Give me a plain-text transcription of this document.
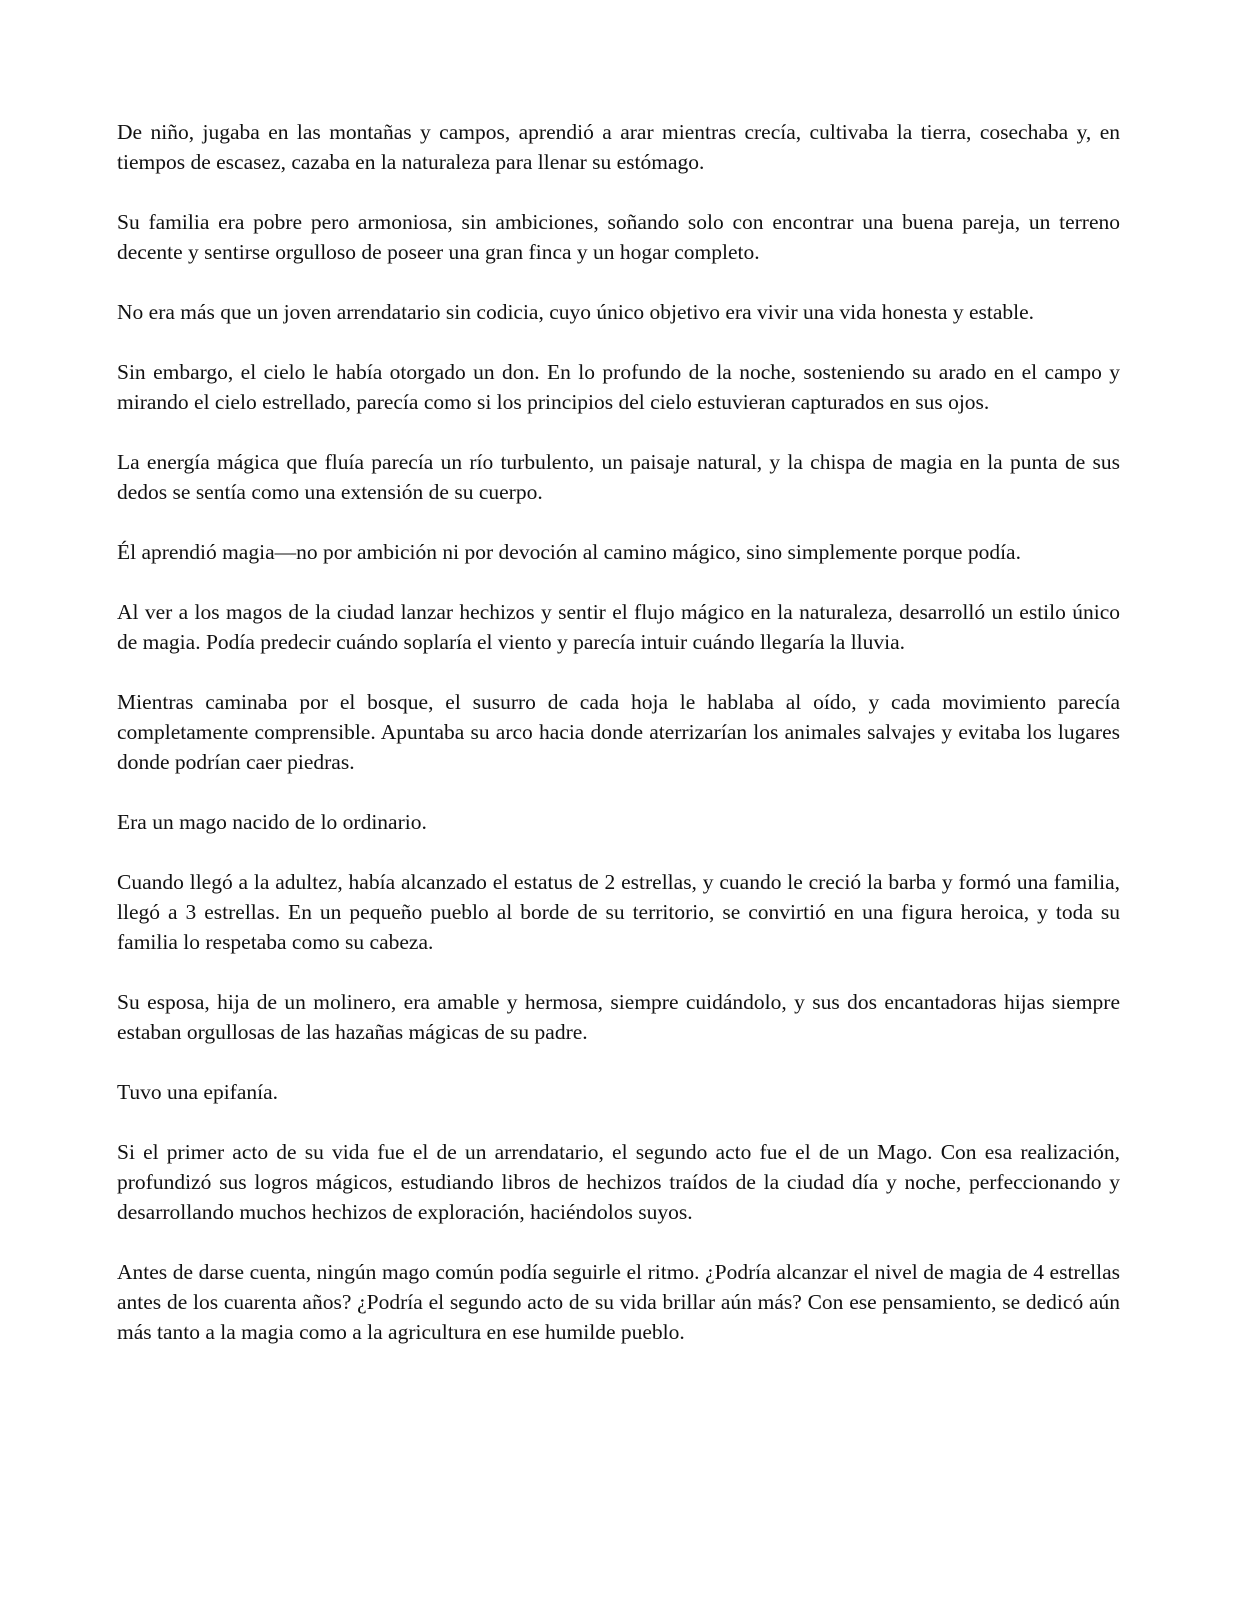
De niño, jugaba en las montañas y campos, aprendió a arar mientras crecía, cultivaba la tierra, cosechaba y, en tiempos de escasez, cazaba en la naturaleza para llenar su estómago.

Su familia era pobre pero armoniosa, sin ambiciones, soñando solo con encontrar una buena pareja, un terreno decente y sentirse orgulloso de poseer una gran finca y un hogar completo.

No era más que un joven arrendatario sin codicia, cuyo único objetivo era vivir una vida honesta y estable.

Sin embargo, el cielo le había otorgado un don. En lo profundo de la noche, sosteniendo su arado en el campo y mirando el cielo estrellado, parecía como si los principios del cielo estuvieran capturados en sus ojos.

La energía mágica que fluía parecía un río turbulento, un paisaje natural, y la chispa de magia en la punta de sus dedos se sentía como una extensión de su cuerpo.

Él aprendió magia—no por ambición ni por devoción al camino mágico, sino simplemente porque podía.

Al ver a los magos de la ciudad lanzar hechizos y sentir el flujo mágico en la naturaleza, desarrolló un estilo único de magia. Podía predecir cuándo soplaría el viento y parecía intuir cuándo llegaría la lluvia.

Mientras caminaba por el bosque, el susurro de cada hoja le hablaba al oído, y cada movimiento parecía completamente comprensible. Apuntaba su arco hacia donde aterrizarían los animales salvajes y evitaba los lugares donde podrían caer piedras.

Era un mago nacido de lo ordinario.

Cuando llegó a la adultez, había alcanzado el estatus de 2 estrellas, y cuando le creció la barba y formó una familia, llegó a 3 estrellas. En un pequeño pueblo al borde de su territorio, se convirtió en una figura heroica, y toda su familia lo respetaba como su cabeza.

Su esposa, hija de un molinero, era amable y hermosa, siempre cuidándolo, y sus dos encantadoras hijas siempre estaban orgullosas de las hazañas mágicas de su padre.

Tuvo una epifanía.

Si el primer acto de su vida fue el de un arrendatario, el segundo acto fue el de un Mago. Con esa realización, profundizó sus logros mágicos, estudiando libros de hechizos traídos de la ciudad día y noche, perfeccionando y desarrollando muchos hechizos de exploración, haciéndolos suyos.

Antes de darse cuenta, ningún mago común podía seguirle el ritmo. ¿Podría alcanzar el nivel de magia de 4 estrellas antes de los cuarenta años? ¿Podría el segundo acto de su vida brillar aún más? Con ese pensamiento, se dedicó aún más tanto a la magia como a la agricultura en ese humilde pueblo.
